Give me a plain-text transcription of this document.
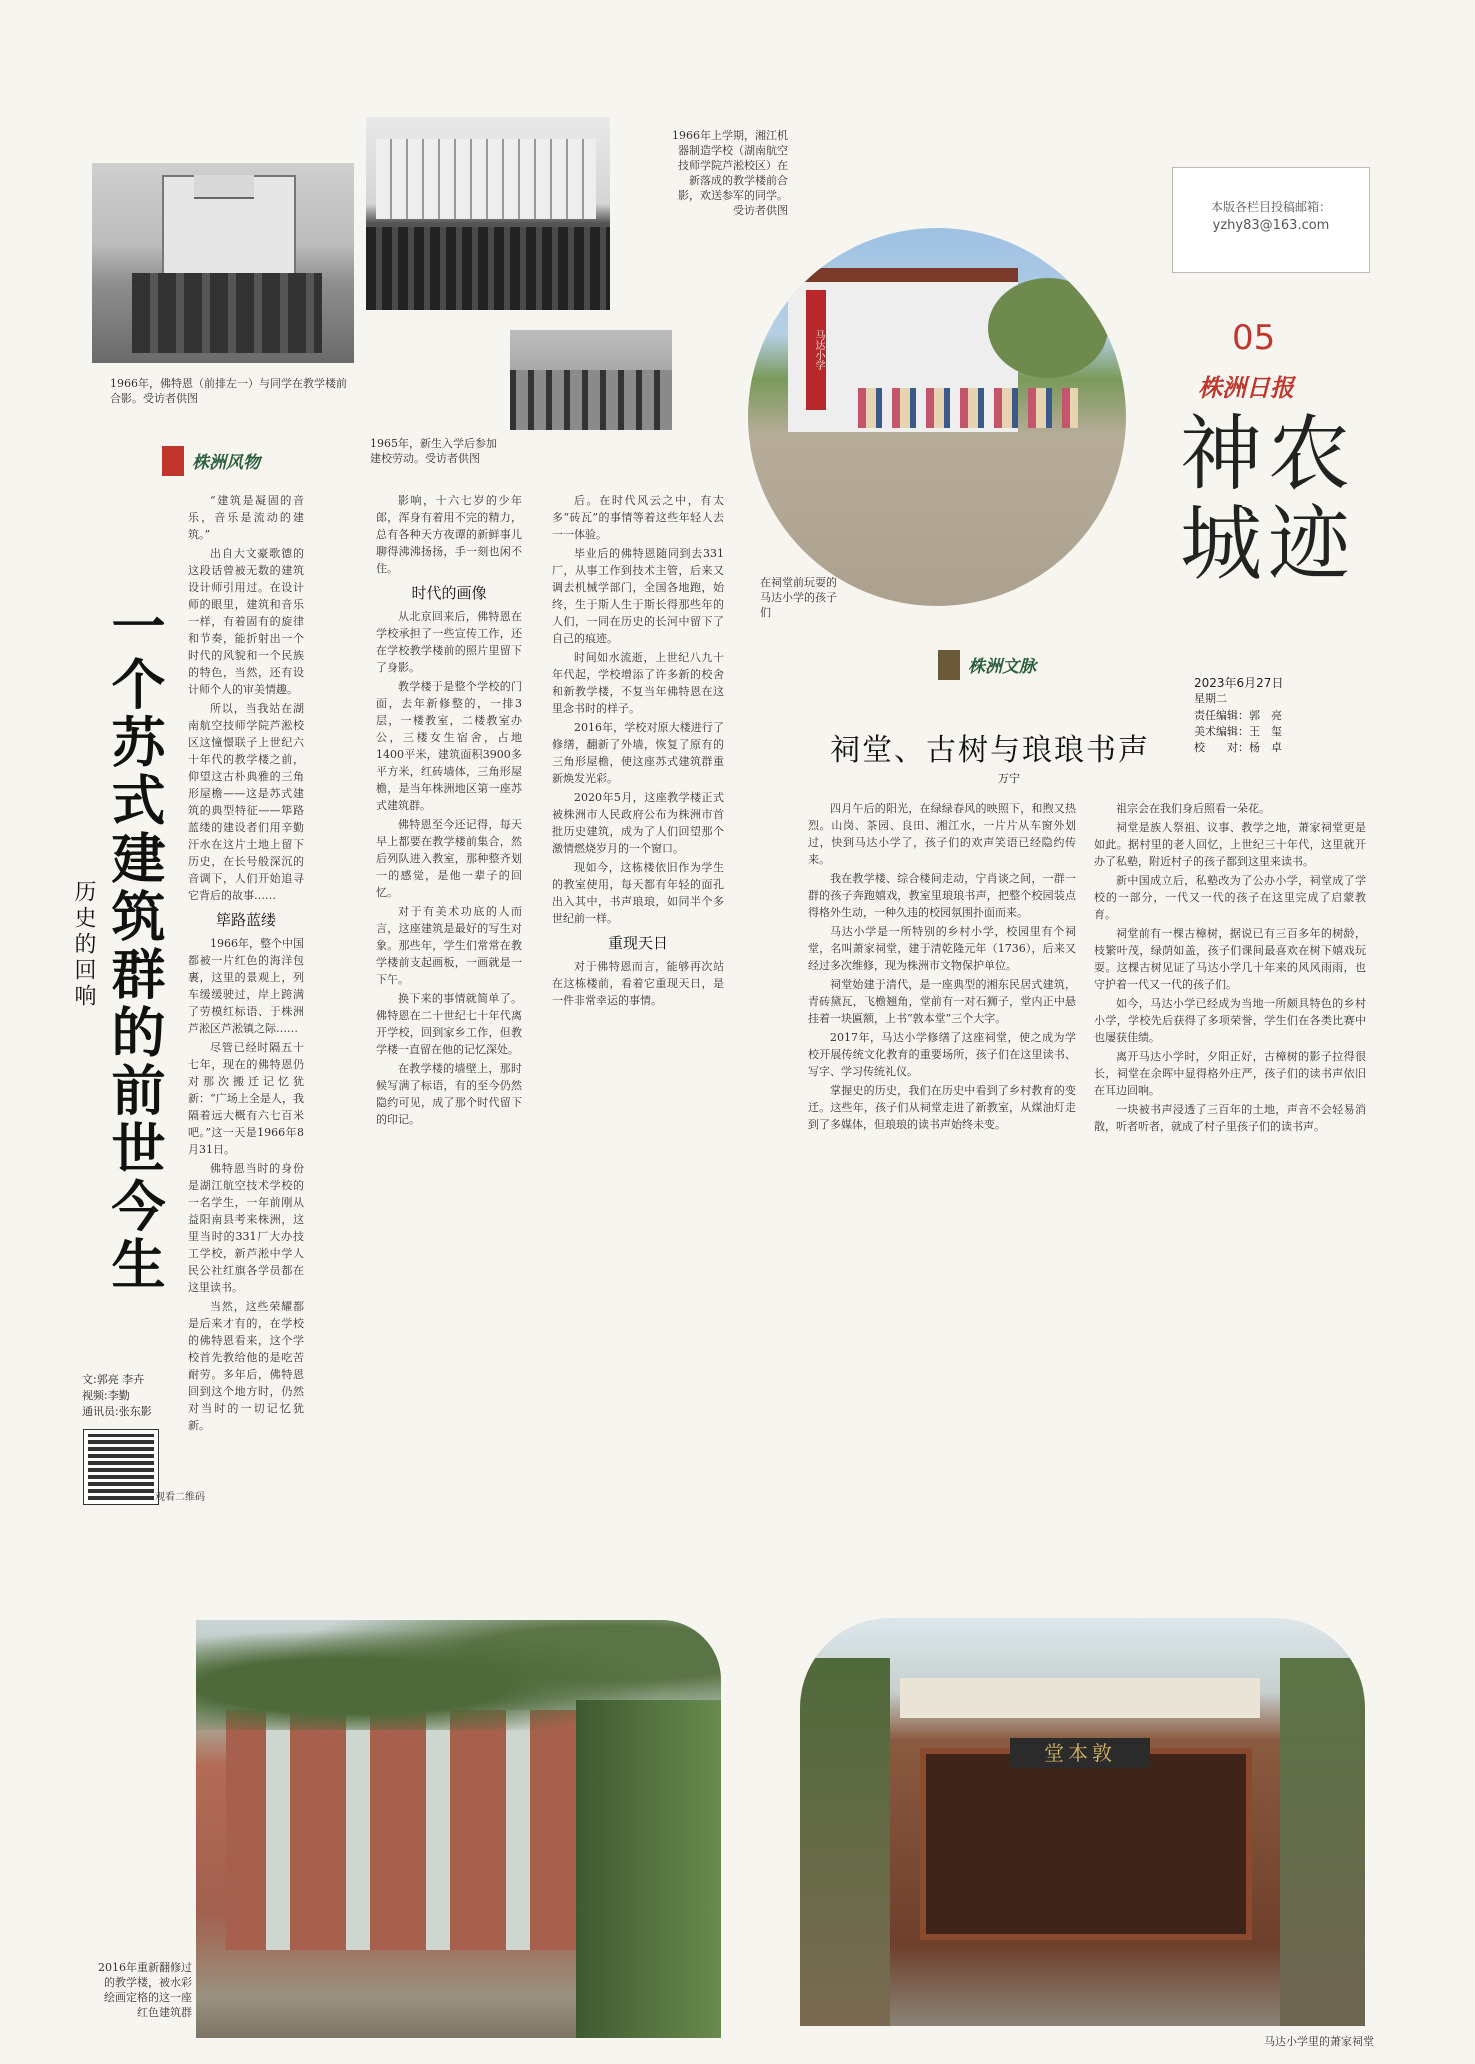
1966年，佛特恩（前排左一）与同学在教学楼前合影。受访者供图
1965年，新生入学后参加建校劳动。受访者供图
1966年上学期，湘江机器制造学校（湖南航空技师学院芦淞校区）在新落成的教学楼前合影，欢送参军的同学。受访者供图
马达小学
在祠堂前玩耍的马达小学的孩子们
本版各栏目投稿邮箱：
yzhy83@163.com
05
株洲日报
神农城迹
2023年6月27日
星期二
责任编辑：郭　亮
美术编辑：王　玺
校　　对：杨　卓
株洲风物
株洲文脉
一个苏式建筑群的前世今生
历史的回响
文:郭亮 李卉
视频:李勤
通讯员:张东影
观看二维码

“建筑是凝固的音乐，音乐是流动的建筑。”

出自大文豪歌德的这段话曾被无数的建筑设计师引用过。在设计师的眼里，建筑和音乐一样，有着固有的旋律和节奏，能折射出一个时代的风貌和一个民族的特色，当然，还有设计师个人的审美情趣。

所以，当我站在湖南航空技师学院芦淞校区这憧憬联子上世纪六十年代的教学楼之前，仰望这古朴典雅的三角形屋檐——这是苏式建筑的典型特征——筚路蓝缕的建设者们用辛勤汗水在这片土地上留下历史，在长号般深沉的音调下，人们开始追寻它背后的故事……

筚路蓝缕

1966年，整个中国都被一片红色的海洋包裹，这里的景观上，列车缓缓驶过，岸上跨满了劳模红标语、于株洲芦淞区芦淞镇之际……

尽管已经时隔五十七年，现在的佛特恩仍对那次搬迁记忆犹新：“广场上全是人，我隔着远大概有六七百米吧。”这一天是1966年8月31日。

佛特恩当时的身份是湖江航空技术学校的一名学生，一年前刚从益阳南县考来株洲，这里当时的331厂大办技工学校，新芦淞中学人民公社红旗各学员都在这里读书。

当然，这些荣耀都是后来才有的，在学校的佛特恩看来，这个学校首先教给他的是吃苦耐劳。多年后，佛特恩回到这个地方时，仍然对当时的一切记忆犹新。

影响，十六七岁的少年郎，浑身有着用不完的精力，总有各种天方夜谭的新鲜事儿聊得沸沸扬扬，手一刻也闲不住。

时代的画像

从北京回来后，佛特恩在学校承担了一些宣传工作，还在学校教学楼前的照片里留下了身影。

教学楼于是整个学校的门面，去年新修整的，一排3层，一楼教室，二楼教室办公，三楼女生宿舍，占地1400平米，建筑面积3900多平方米，红砖墙体，三角形屋檐，是当年株洲地区第一座苏式建筑群。

佛特恩至今还记得，每天早上都要在教学楼前集合，然后列队进入教室，那种整齐划一的感觉，是他一辈子的回忆。

对于有美术功底的人而言，这座建筑是最好的写生对象。那些年，学生们常常在教学楼前支起画板，一画就是一下午。

换下来的事情就简单了。佛特恩在二十世纪七十年代离开学校，回到家乡工作，但教学楼一直留在他的记忆深处。

在教学楼的墙壁上，那时候写满了标语，有的至今仍然隐约可见，成了那个时代留下的印记。

后。在时代风云之中，有太多“砖瓦”的事情等着这些年轻人去一一体验。

毕业后的佛特恩随同到去331厂，从事工作到技术主管，后来又调去机械学部门，全国各地跑，始终，生于斯人生于斯长得那些年的人们，一同在历史的长河中留下了自己的痕迹。

时间如水流逝，上世纪八九十年代起，学校增添了许多新的校舍和新教学楼，不复当年佛特恩在这里念书时的样子。

2016年，学校对原大楼进行了修缮，翻新了外墙，恢复了原有的三角形屋檐，使这座苏式建筑群重新焕发光彩。

2020年5月，这座教学楼正式被株洲市人民政府公布为株洲市首批历史建筑，成为了人们回望那个激情燃烧岁月的一个窗口。

现如今，这栋楼依旧作为学生的教室使用，每天都有年轻的面孔出入其中，书声琅琅，如同半个多世纪前一样。

重现天日

对于佛特恩而言，能够再次站在这栋楼前，看着它重现天日，是一件非常幸运的事情。

祠堂、古树与琅琅书声
万宁

四月午后的阳光，在绿绿春风的映照下，和煦又热烈。山岗、茶园、良田、湘江水，一片片从车窗外划过，快到马达小学了，孩子们的欢声笑语已经隐约传来。

我在教学楼、综合楼间走动，宁肖谈之间，一群一群的孩子奔跑嬉戏，教室里琅琅书声，把整个校园装点得格外生动，一种久违的校园氛围扑面而来。

马达小学是一所特别的乡村小学，校园里有个祠堂，名叫萧家祠堂，建于清乾隆元年（1736），后来又经过多次维修，现为株洲市文物保护单位。

祠堂始建于清代，是一座典型的湘东民居式建筑，青砖黛瓦，飞檐翘角，堂前有一对石狮子，堂内正中悬挂着一块匾额，上书“敦本堂”三个大字。

2017年，马达小学修缮了这座祠堂，使之成为学校开展传统文化教育的重要场所，孩子们在这里读书、写字、学习传统礼仪。

掌握史的历史，我们在历史中看到了乡村教育的变迁。这些年，孩子们从祠堂走进了新教室，从煤油灯走到了多媒体，但琅琅的读书声始终未变。

祖宗会在我们身后照看一朵花。

祠堂是族人祭祖、议事、教学之地，萧家祠堂更是如此。据村里的老人回忆，上世纪三十年代，这里就开办了私塾，附近村子的孩子都到这里来读书。

新中国成立后，私塾改为了公办小学，祠堂成了学校的一部分，一代又一代的孩子在这里完成了启蒙教育。

祠堂前有一棵古樟树，据说已有三百多年的树龄，枝繁叶茂，绿荫如盖，孩子们课间最喜欢在树下嬉戏玩耍。这棵古树见证了马达小学几十年来的风风雨雨，也守护着一代又一代的孩子们。

如今，马达小学已经成为当地一所颇具特色的乡村小学，学校先后获得了多项荣誉，学生们在各类比赛中也屡获佳绩。

离开马达小学时，夕阳正好，古樟树的影子拉得很长，祠堂在余晖中显得格外庄严，孩子们的读书声依旧在耳边回响。

一块被书声浸透了三百年的土地，声音不会轻易消散，听者听者，就成了村子里孩子们的读书声。

2016年重新翻修过的教学楼，被水彩绘画定格的这一座红色建筑群
堂本敦
马达小学里的萧家祠堂
